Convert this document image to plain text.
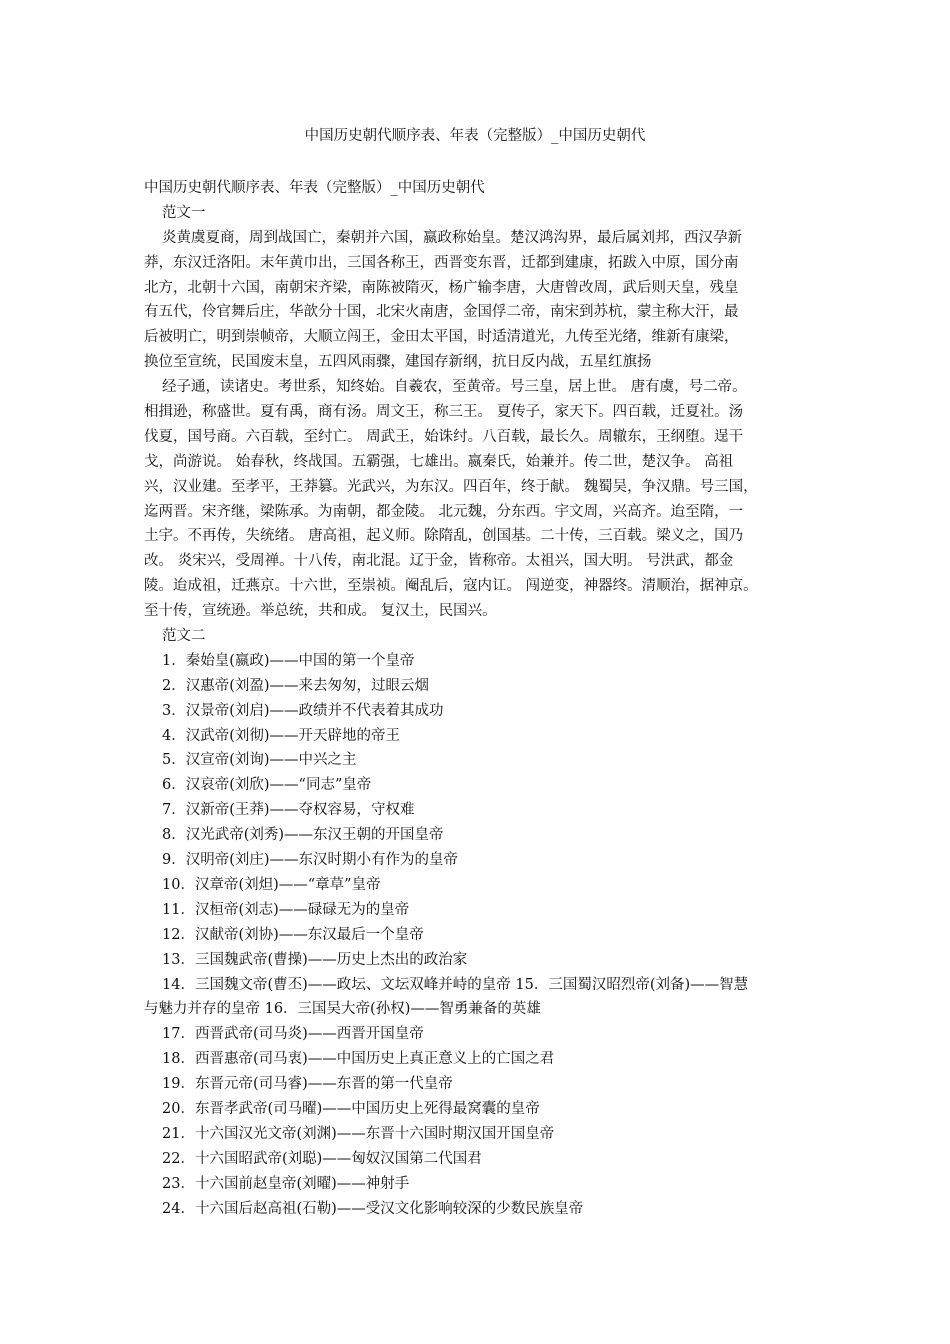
中国历史朝代顺序表、年表（完整版）_中国历史朝代
中国历史朝代顺序表、年表（完整版）_中国历史朝代
范文一
炎黄虞夏商，周到战国亡，秦朝并六国，嬴政称始皇。楚汉鸿沟界，最后属刘邦，西汉孕新
莽，东汉迁洛阳。末年黄巾出，三国各称王，西晋变东晋，迁都到建康，拓跋入中原，国分南
北方，北朝十六国，南朝宋齐梁，南陈被隋灭，杨广输李唐，大唐曾改周，武后则天皇，残皇
有五代，伶官舞后庄，华歆分十国，北宋火南唐，金国俘二帝，南宋到苏杭，蒙主称大汗，最
后被明亡，明到崇帧帝，大顺立闯王，金田太平国，时适清道光，九传至光绪，维新有康梁，
换位至宣统，民国废末皇，五四风雨骤，建国存新纲，抗日反内战，五星红旗扬
经子通，读诸史。考世系，知终始。自羲农，至黄帝。号三皇，居上世。 唐有虞，号二帝。
相揖逊，称盛世。夏有禹，商有汤。周文王，称三王。 夏传子，家天下。四百载，迁夏社。汤
伐夏，国号商。六百载，至纣亡。 周武王，始诛纣。八百载，最长久。周辙东，王纲堕。逞干
戈，尚游说。 始春秋，终战国。五霸强，七雄出。嬴秦氏，始兼并。传二世，楚汉争。 高祖
兴，汉业建。至孝平，王莽篡。光武兴，为东汉。四百年，终于献。 魏蜀吴，争汉鼎。号三国，
迄两晋。宋齐继，梁陈承。为南朝，都金陵。 北元魏，分东西。宇文周，兴高齐。迨至隋，一
土宇。不再传，失统绪。 唐高祖，起义师。除隋乱，创国基。二十传，三百载。梁义之，国乃
改。 炎宋兴，受周禅。十八传，南北混。辽于金，皆称帝。太祖兴，国大明。 号洪武，都金
陵。迨成祖，迁燕京。十六世，至崇祯。阉乱后，寇内讧。 闯逆变，神器终。清顺治，据神京。
至十传，宣统逊。举总统，共和成。 复汉土，民国兴。
范文二
1．秦始皇(嬴政)——中国的第一个皇帝
2．汉惠帝(刘盈)——来去匆匆，过眼云烟
3．汉景帝(刘启)——政绩并不代表着其成功
4．汉武帝(刘彻)——开天辟地的帝王
5．汉宣帝(刘询)——中兴之主
6．汉哀帝(刘欣)——“同志”皇帝
7．汉新帝(王莽)——夺权容易，守权难
8．汉光武帝(刘秀)——东汉王朝的开国皇帝
9．汉明帝(刘庄)——东汉时期小有作为的皇帝
10．汉章帝(刘炟)——“章草”皇帝
11．汉桓帝(刘志)——碌碌无为的皇帝
12．汉献帝(刘协)——东汉最后一个皇帝
13．三国魏武帝(曹操)——历史上杰出的政治家
14．三国魏文帝(曹丕)——政坛、文坛双峰并峙的皇帝 15．三国蜀汉昭烈帝(刘备)——智慧
与魅力并存的皇帝 16．三国吴大帝(孙权)——智勇兼备的英雄
17．西晋武帝(司马炎)——西晋开国皇帝
18．西晋惠帝(司马衷)——中国历史上真正意义上的亡国之君
19．东晋元帝(司马睿)——东晋的第一代皇帝
20．东晋孝武帝(司马曜)——中国历史上死得最窝囊的皇帝
21．十六国汉光文帝(刘渊)——东晋十六国时期汉国开国皇帝
22．十六国昭武帝(刘聪)——匈奴汉国第二代国君
23．十六国前赵皇帝(刘曜)——神射手
24．十六国后赵高祖(石勒)——受汉文化影响较深的少数民族皇帝
